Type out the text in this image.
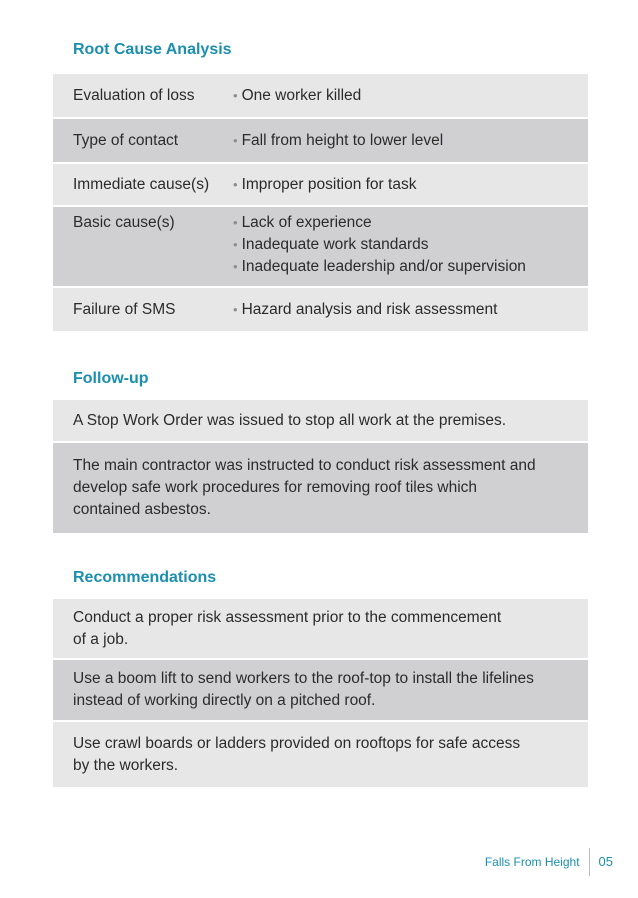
Root Cause Analysis
Evaluation of loss	• One worker killed
Type of contact	• Fall from height to lower level
Immediate cause(s)	• Improper position for task
Basic cause(s)	• Lack of experience
• Inadequate work standards
• Inadequate leadership and/or supervision
Failure of SMS	• Hazard analysis and risk assessment
Follow-up
A Stop Work Order was issued to stop all work at the premises.
The main contractor was instructed to conduct risk assessment and
develop safe work procedures for removing roof tiles which
contained asbestos.
Recommendations
Conduct a proper risk assessment prior to the commencement
of a job.
Use a boom lift to send workers to the roof-top to install the lifelines
instead of working directly on a pitched roof.
Use crawl boards or ladders provided on rooftops for safe access
by the workers.
Falls From Height	05
